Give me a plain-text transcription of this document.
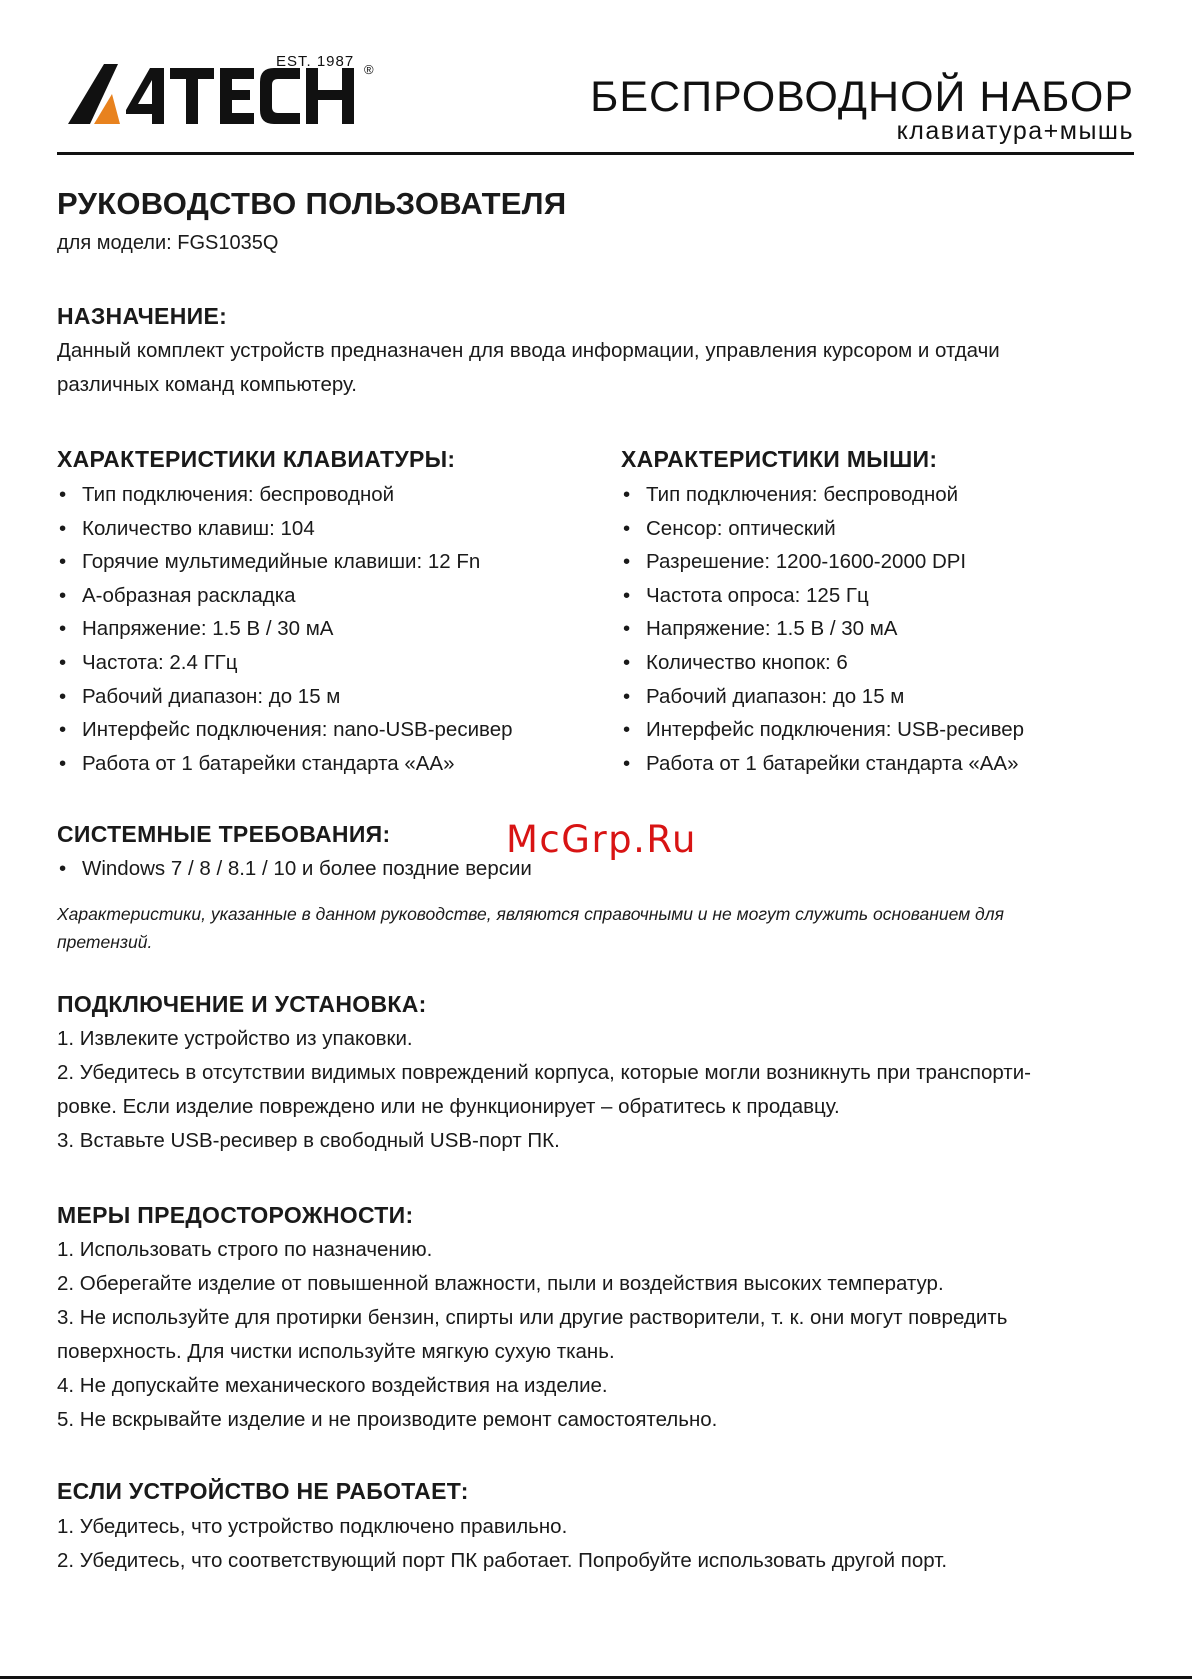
EST. 1987 ®
БЕСПРОВОДНОЙ НАБОР
клавиатура+мышь
РУКОВОДСТВО ПОЛЬЗОВАТЕЛЯ
для модели: FGS1035Q
НАЗНАЧЕНИЕ:
Данный комплект устройств предназначен для ввода информации, управления курсором и отдачи
различных команд компьютеру.
ХАРАКТЕРИСТИКИ КЛАВИАТУРЫ:
• Тип подключения: беспроводной
• Количество клавиш: 104
• Горячие мультимедийные клавиши: 12 Fn
• А-образная раскладка
• Напряжение: 1.5 В / 30 мА
• Частота: 2.4 ГГц
• Рабочий диапазон: до 15 м
• Интерфейс подключения: nano-USB-ресивер
• Работа от 1 батарейки стандарта «АА»
ХАРАКТЕРИСТИКИ МЫШИ:
• Тип подключения: беспроводной
• Сенсор: оптический
• Разрешение: 1200-1600-2000 DPI
• Частота опроса: 125 Гц
• Напряжение: 1.5 В / 30 мА
• Количество кнопок: 6
• Рабочий диапазон: до 15 м
• Интерфейс подключения: USB-ресивер
• Работа от 1 батарейки стандарта «АА»
СИСТЕМНЫЕ ТРЕБОВАНИЯ:
• Windows 7 / 8 / 8.1 / 10 и более поздние версии
McGrp.Ru
Характеристики, указанные в данном руководстве, являются справочными и не могут служить основанием для
претензий.
ПОДКЛЮЧЕНИЕ И УСТАНОВКА:
1. Извлеките устройство из упаковки.
2. Убедитесь в отсутствии видимых повреждений корпуса, которые могли возникнуть при транспорти-
ровке. Если изделие повреждено или не функционирует – обратитесь к продавцу.
3. Вставьте USB-ресивер в свободный USB-порт ПК.
МЕРЫ ПРЕДОСТОРОЖНОСТИ:
1. Использовать строго по назначению.
2. Оберегайте изделие от повышенной влажности, пыли и воздействия высоких температур.
3. Не используйте для протирки бензин, спирты или другие растворители, т. к. они могут повредить
поверхность. Для чистки используйте мягкую сухую ткань.
4. Не допускайте механического воздействия на изделие.
5. Не вскрывайте изделие и не производите ремонт самостоятельно.
ЕСЛИ УСТРОЙСТВО НЕ РАБОТАЕТ:
1. Убедитесь, что устройство подключено правильно.
2. Убедитесь, что соответствующий порт ПК работает. Попробуйте использовать другой порт.
